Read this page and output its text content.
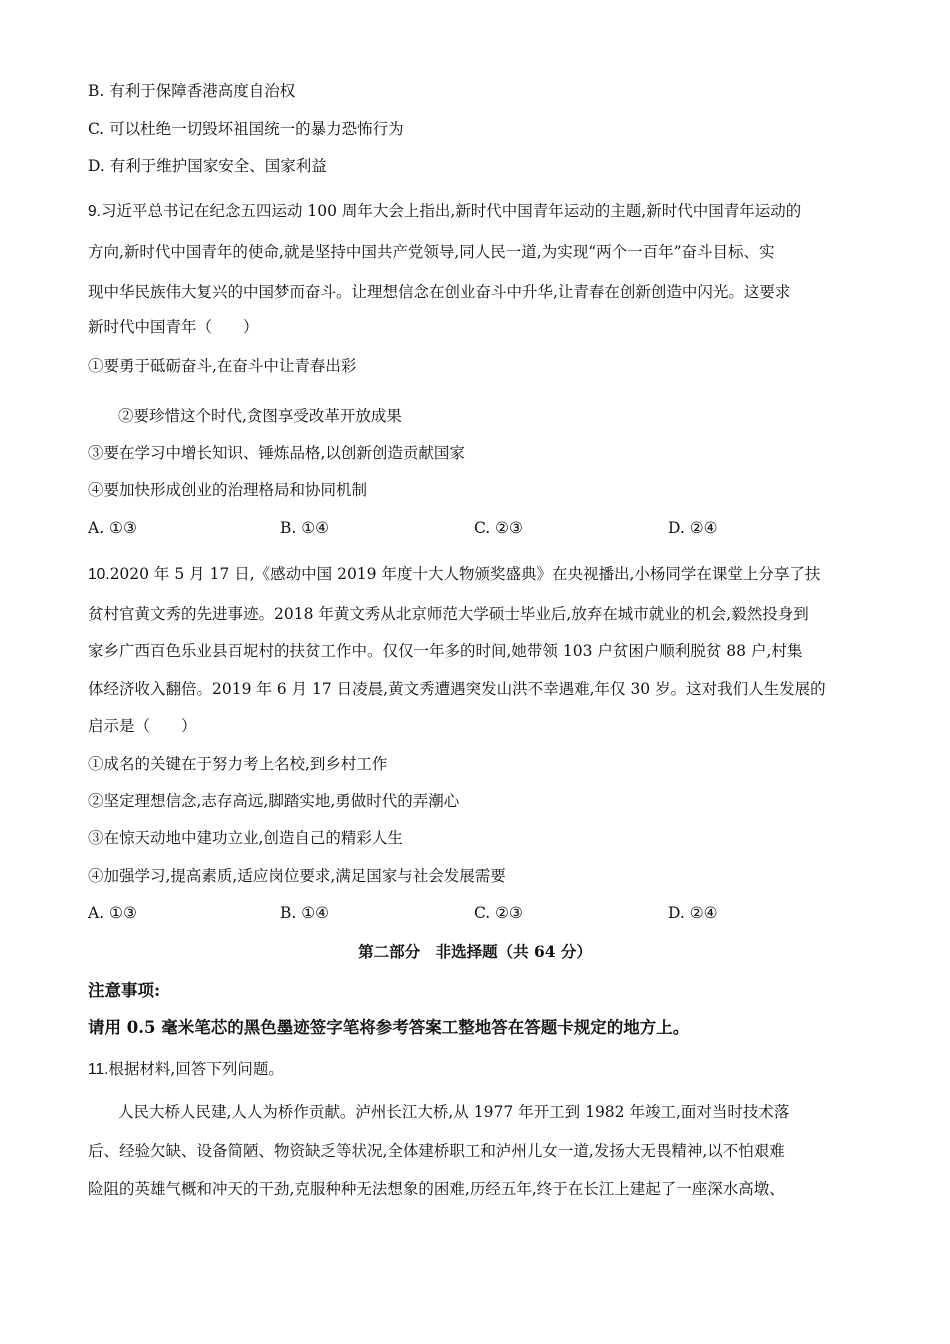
B. 有利于保障香港高度自治权
C. 可以杜绝一切毁坏祖国统一的暴力恐怖行为
D. 有利于维护国家安全、国家利益
9.习近平总书记在纪念五四运动 100 周年大会上指出,新时代中国青年运动的主题,新时代中国青年运动的
方向,新时代中国青年的使命,就是坚持中国共产党领导,同人民一道,为实现“两个一百年”奋斗目标、实
现中华民族伟大复兴的中国梦而奋斗。让理想信念在创业奋斗中升华,让青春在创新创造中闪光。这要求
新时代中国青年（　　）
①要勇于砥砺奋斗,在奋斗中让青春出彩
②要珍惜这个时代,贪图享受改革开放成果
③要在学习中增长知识、锤炼品格,以创新创造贡献国家
④要加快形成创业的治理格局和协同机制
A. ①③	B. ①④	C. ②③	D. ②④
10.2020 年 5 月 17 日,《感动中国 2019 年度十大人物颁奖盛典》在央视播出,小杨同学在课堂上分享了扶
贫村官黄文秀的先进事迹。2018 年黄文秀从北京师范大学硕士毕业后,放弃在城市就业的机会,毅然投身到
家乡广西百色乐业县百坭村的扶贫工作中。仅仅一年多的时间,她带领 103 户贫困户顺利脱贫 88 户,村集
体经济收入翻倍。2019 年 6 月 17 日凌晨,黄文秀遭遇突发山洪不幸遇难,年仅 30 岁。这对我们人生发展的
启示是（　　）
①成名的关键在于努力考上名校,到乡村工作
②坚定理想信念,志存高远,脚踏实地,勇做时代的弄潮心
③在惊天动地中建功立业,创造自己的精彩人生
④加强学习,提高素质,适应岗位要求,满足国家与社会发展需要
A. ①③	B. ①④	C. ②③	D. ②④
第二部分　非选择题（共 64 分）
注意事项:
请用 0.5 毫米笔芯的黑色墨迹签字笔将参考答案工整地答在答题卡规定的地方上。
11.根据材料,回答下列问题。
人民大桥人民建,人人为桥作贡献。泸州长江大桥,从 1977 年开工到 1982 年竣工,面对当时技术落
后、经验欠缺、设备简陋、物资缺乏等状况,全体建桥职工和泸州儿女一道,发扬大无畏精神,以不怕艰难
险阻的英雄气概和冲天的干劲,克服种种无法想象的困难,历经五年,终于在长江上建起了一座深水高墩、
